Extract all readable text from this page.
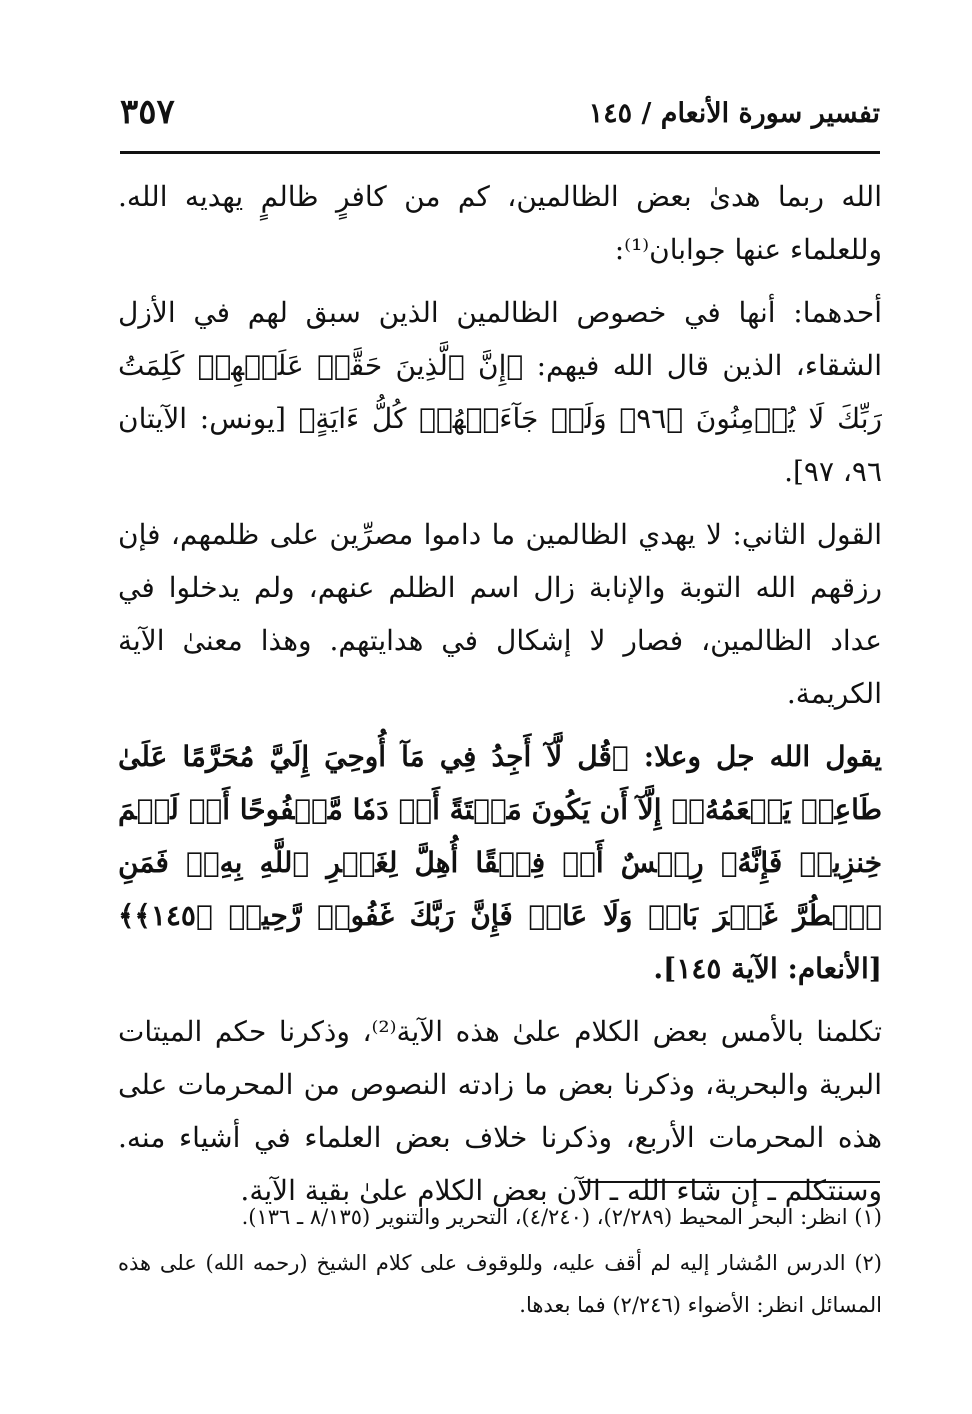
تفسير سورة الأنعام / ١٤٥
٣٥٧

الله ربما هدىٰ بعض الظالمين، كم من كافرٍ ظالمٍ يهديه الله. وللعلماء عنها جوابان⁽¹⁾:

أحدهما: أنها في خصوص الظالمين الذين سبق لهم في الأزل الشقاء، الذين قال الله فيهم: ﴿إِنَّ ٱلَّذِينَ حَقَّتۡ عَلَيۡهِمۡ كَلِمَتُ رَبِّكَ لَا يُؤۡمِنُونَ ﴿٩٦﴾ وَلَوۡ جَآءَتۡهُمۡ كُلُّ ءَايَةٍ﴾ [يونس: الآيتان ٩٦، ٩٧].

القول الثاني: لا يهدي الظالمين ما داموا مصرِّين على ظلمهم، فإن رزقهم الله التوبة والإنابة زال اسم الظلم عنهم، ولم يدخلوا في عداد الظالمين، فصار لا إشكال في هدايتهم. وهذا معنىٰ الآية الكريمة.

يقول الله جل وعلا: ﴿قُل لَّآ أَجِدُ فِي مَآ أُوحِيَ إِلَيَّ مُحَرَّمًا عَلَىٰ طَاعِمٖ يَطۡعَمُهُۥٓ إِلَّآ أَن يَكُونَ مَيۡتَةً أَوۡ دَمٗا مَّسۡفُوحًا أَوۡ لَحۡمَ خِنزِيرٖ فَإِنَّهُۥ رِجۡسٌ أَوۡ فِسۡقًا أُهِلَّ لِغَيۡرِ ٱللَّهِ بِهِۦۚ فَمَنِ ٱضۡطُرَّ غَيۡرَ بَاغٖ وَلَا عَادٖ فَإِنَّ رَبَّكَ غَفُورٞ رَّحِيمٞ ﴿١٤٥﴾﴾ [الأنعام: الآية ١٤٥].

تكلمنا بالأمس بعض الكلام علىٰ هذه الآية⁽²⁾، وذكرنا حكم الميتات البرية والبحرية، وذكرنا بعض ما زادته النصوص من المحرمات على هذه المحرمات الأربع، وذكرنا خلاف بعض العلماء في أشياء منه. وسنتكلم ـ إن شاء الله ـ الآن بعض الكلام علىٰ بقية الآية.

(١) انظر: البحر المحيط (٢/٢٨٩)، (٤/٢٤٠)، التحرير والتنوير (٨/١٣٥ ـ ١٣٦).

(٢) الدرس المُشار إليه لم أقف عليه، وللوقوف على كلام الشيخ (رحمه الله) على هذه المسائل انظر: الأضواء (٢/٢٤٦) فما بعدها.
